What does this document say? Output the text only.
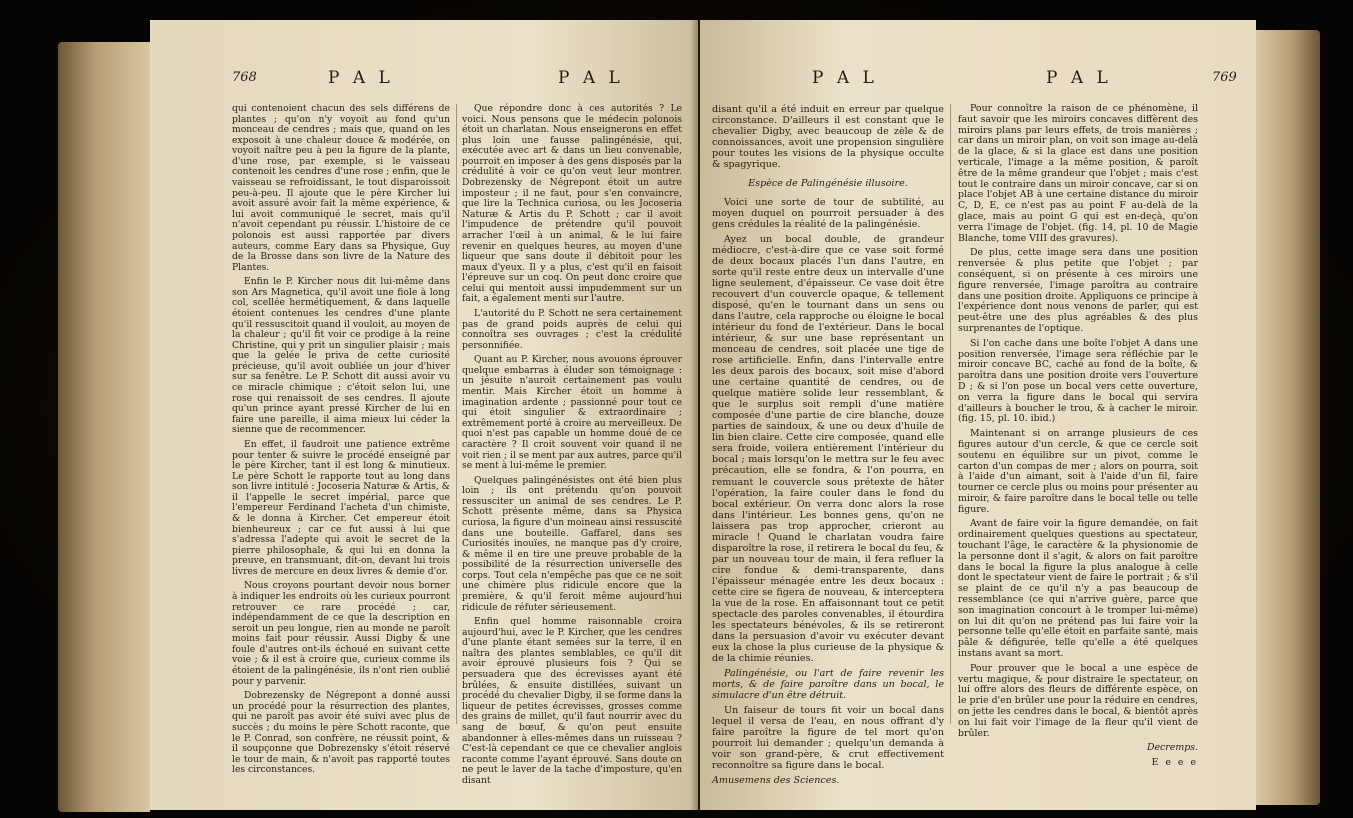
768	P A L	P A L

qui contenoient chacun des sels différens de plantes ; qu'on n'y voyoit au fond qu'un monceau de cendres ; mais que, quand on les exposoit à une chaleur douce & modérée, on voyoit naître peu à peu la figure de la plante, d'une rose, par exemple, si le vaisseau contenoit les cendres d'une rose ; enfin, que le vaisseau se refroidissant, le tout disparoissoit peu-à-peu. Il ajoute que le père Kircher lui avoit assuré avoir fait la même expérience, & lui avoit communiqué le secret, mais qu'il n'avoit cependant pu réussir. L'histoire de ce polonois est aussi rapportée par divers auteurs, comme Eary dans sa Physique, Guy de la Brosse dans son livre de la Nature des Plantes.

Enfin le P. Kircher nous dit lui-même dans son Ars Magnetica, qu'il avoit une fiole à long col, scellée hermétiquement, & dans laquelle étoient contenues les cendres d'une plante qu'il ressuscitoit quand il vouloit, au moyen de la chaleur ; qu'il fit voir ce prodige à la reine Christine, qui y prit un singulier plaisir ; mais que la gelée le priva de cette curiosité précieuse, qu'il avoit oubliée un jour d'hiver sur sa fenêtre. Le P. Schott dit aussi avoir vu ce miracle chimique ; c'étoit selon lui, une rose qui renaissoit de ses cendres. Il ajoute qu'un prince ayant pressé Kircher de lui en faire une pareille, il aima mieux lui céder la sienne que de recommencer.

En effet, il faudroit une patience extrême pour tenter & suivre le procédé enseigné par le père Kircher, tant il est long & minutieux. Le père Schott le rapporte tout au long dans son livre intitulé : Jocoseria Naturæ & Artis, & il l'appelle le secret impérial, parce que l'empereur Ferdinand l'acheta d'un chimiste, & le donna à Kircher. Cet empereur étoit bienheureux ; car ce fut aussi à lui que s'adressa l'adepte qui avoit le secret de la pierre philosophale, & qui lui en donna la preuve, en transmuant, dit-on, devant lui trois livres de mercure en deux livres & demie d'or.

Nous croyons pourtant devoir nous borner à indiquer les endroits où les curieux pourront retrouver ce rare procédé ; car, indépendamment de ce que la description en seroit un peu longue, rien au monde ne paroît moins fait pour réussir. Aussi Digby & une foule d'autres ont-ils échoué en suivant cette voie ; & il est à croire que, curieux comme ils étoient de la palingénésie, ils n'ont rien oublié pour y parvenir.

Dobrezensky de Négrepont a donné aussi un procédé pour la résurrection des plantes, qui ne paroît pas avoir été suivi avec plus de succès ; du moins le père Schott raconte, que le P. Conrad, son confrère, ne réussit point, & il soupçonne que Dobrezensky s'étoit réservé le tour de main, & n'avoit pas rapporté toutes les circonstances.

Que répondre donc à ces autorités ? Le voici. Nous pensons que le médecin polonois étoit un charlatan. Nous enseignerons en effet plus loin une fausse palingénésie, qui, exécutée avec art & dans un lieu convenable, pourroit en imposer à des gens disposés par la crédulité à voir ce qu'on veut leur montrer. Dobrezensky de Négrepont étoit un autre imposteur ; il ne faut, pour s'en convaincre, que lire la Technica curiosa, ou les Jocoseria Naturæ & Artis du P. Schott ; car il avoit l'impudence de prétendre qu'il pouvoit arracher l'œil à un animal, & le lui faire revenir en quelques heures, au moyen d'une liqueur que sans doute il débitoit pour les maux d'yeux. Il y a plus, c'est qu'il en faisoit l'épreuve sur un coq. On peut donc croire que celui qui mentoit aussi impudemment sur un fait, a également menti sur l'autre.

L'autorité du P. Schott ne sera certainement pas de grand poids auprès de celui qui connoîtra ses ouvrages ; c'est la crédulité personnifiée.

Quant au P. Kircher, nous avouons éprouver quelque embarras à éluder son témoignage : un jésuite n'auroit certainement pas voulu mentir. Mais Kircher étoit un homme à imagination ardente ; passionné pour tout ce qui étoit singulier & extraordinaire ; extrêmement porté à croire au merveilleux. De quoi n'est pas capable un homme doué de ce caractère ? Il croit souvent voir quand il ne voit rien ; il se ment par aux autres, parce qu'il se ment à lui-même le premier.

Quelques palingénésistes ont été bien plus loin ; ils ont prétendu qu'on pouvoit ressusciter un animal de ses cendres. Le P. Schott présente même, dans sa Physica curiosa, la figure d'un moineau ainsi ressuscité dans une bouteille. Gaffarel, dans ses Curiosités inouïes, ne manque pas d'y croire, & même il en tire une preuve probable de la possibilité de la résurrection universelle des corps. Tout cela n'empêche pas que ce ne soit une chimère plus ridicule encore que la première, & qu'il feroit même aujourd'hui ridicule de réfuter sérieusement.

Enfin quel homme raisonnable croira aujourd'hui, avec le P. Kircher, que les cendres d'une plante étant semées sur la terre, il en naîtra des plantes semblables, ce qu'il dit avoir éprouvé plusieurs fois ? Qui se persuadera que des écrevisses ayant été brûlées, & ensuite distillées, suivant un procédé du chevalier Digby, il se forme dans la liqueur de petites écrevisses, grosses comme des grains de millet, qu'il faut nourrir avec du sang de bœuf, & qu'on peut ensuite abandonner à elles-mêmes dans un ruisseau ? C'est-là cependant ce que ce chevalier anglois raconte comme l'ayant éprouvé. Sans doute on ne peut le laver de la tache d'imposture, qu'en disant

P A L	P A L	769

disant qu'il a été induit en erreur par quelque circonstance. D'ailleurs il est constant que le chevalier Digby, avec beaucoup de zèle & de connoissances, avoit une propension singulière pour toutes les visions de la physique occulte & spagyrique.

Espèce de Palingénésie illusoire.

Voici une sorte de tour de subtilité, au moyen duquel on pourroit persuader à des gens crédules la réalité de la palingénésie.

Ayez un bocal double, de grandeur médiocre, c'est-à-dire que ce vase soit formé de deux bocaux placés l'un dans l'autre, en sorte qu'il reste entre deux un intervalle d'une ligne seulement, d'épaisseur. Ce vase doit être recouvert d'un couvercle opaque, & tellement disposé, qu'en le tournant dans un sens ou dans l'autre, cela rapproche ou éloigne le bocal intérieur du fond de l'extérieur. Dans le bocal intérieur, & sur une base représentant un monceau de cendres, soit placée une tige de rose artificielle. Enfin, dans l'intervalle entre les deux parois des bocaux, soit mise d'abord une certaine quantité de cendres, ou de quelque matière solide leur ressemblant, & que le surplus soit rempli d'une matière composée d'une partie de cire blanche, douze parties de saindoux, & une ou deux d'huile de lin bien claire. Cette cire composée, quand elle sera froide, voilera entièrement l'intérieur du bocal ; mais lorsqu'on le mettra sur le feu avec précaution, elle se fondra, & l'on pourra, en remuant le couvercle sous prétexte de hâter l'opération, la faire couler dans le fond du bocal extérieur. On verra donc alors la rose dans l'intérieur. Les bonnes gens, qu'on ne laissera pas trop approcher, crieront au miracle ! Quand le charlatan voudra faire disparoître la rose, il retirera le bocal du feu, & par un nouveau tour de main, il fera refluer la cire fondue & demi-transparente, dans l'épaisseur ménagée entre les deux bocaux : cette cire se figera de nouveau, & interceptera la vue de la rose. En affaisonnant tout ce petit spectacle des paroles convenables, il étourdira les spectateurs bénévoles, & ils se retireront dans la persuasion d'avoir vu exécuter devant eux la chose la plus curieuse de la physique & de la chimie réunies.

Palingénésie, ou l'art de faire revenir les morts, & de faire paroître dans un bocal, le simulacre d'un être détruit.

Un faiseur de tours fit voir un bocal dans lequel il versa de l'eau, en nous offrant d'y faire paroître la figure de tel mort qu'on pourroit lui demander ; quelqu'un demanda à voir son grand-père, & crut effectivement reconnoître sa figure dans le bocal.

Amusemens des Sciences.

Pour connoître la raison de ce phénomène, il faut savoir que les miroirs concaves diffèrent des miroirs plans par leurs effets, de trois manières ; car dans un miroir plan, on voit son image au-delà de la glace, & si la glace est dans une position verticale, l'image a la même position, & paroît être de la même grandeur que l'objet ; mais c'est tout le contraire dans un miroir concave, car si on place l'objet AB à une certaine distance du miroir C, D, E, ce n'est pas au point F au-delà de la glace, mais au point G qui est en-deçà, qu'on verra l'image de l'objet. (fig. 14, pl. 10 de Magie Blanche, tome VIII des gravures).

De plus, cette image sera dans une position renversée & plus petite que l'objet ; par conséquent, si on présente à ces miroirs une figure renversée, l'image paroîtra au contraire dans une position droite. Appliquons ce principe à l'expérience dont nous venons de parler, qui est peut-être une des plus agréables & des plus surprenantes de l'optique.

Si l'on cache dans une boîte l'objet A dans une position renversée, l'image sera réfléchie par le miroir concave BC, caché au fond de la boîte, & paroîtra dans une position droite vers l'ouverture D ; & si l'on pose un bocal vers cette ouverture, on verra la figure dans le bocal qui servira d'ailleurs à boucher le trou, & à cacher le miroir. (fig. 15, pl. 10. ibid.)

Maintenant si on arrange plusieurs de ces figures autour d'un cercle, & que ce cercle soit soutenu en équilibre sur un pivot, comme le carton d'un compas de mer ; alors on pourra, soit à l'aide d'un aimant, soit à l'aide d'un fil, faire tourner ce cercle plus ou moins pour présenter au miroir, & faire paroître dans le bocal telle ou telle figure.

Avant de faire voir la figure demandée, on fait ordinairement quelques questions au spectateur, touchant l'âge, le caractère & la physionomie de la personne dont il s'agit, & alors on fait paroître dans le bocal la figure la plus analogue à celle dont le spectateur vient de faire le portrait ; & s'il se plaint de ce qu'il n'y a pas beaucoup de ressemblance (ce qui n'arrive guère, parce que son imagination concourt à le tromper lui-même) on lui dit qu'on ne prétend pas lui faire voir la personne telle qu'elle étoit en parfaite santé, mais pâle & défigurée, telle qu'elle a été quelques instans avant sa mort.

Pour prouver que le bocal a une espèce de vertu magique, & pour distraire le spectateur, on lui offre alors des fleurs de différente espèce, on le prie d'en brûler une pour la réduire en cendres, on jette les cendres dans le bocal, & bientôt après on lui fait voir l'image de la fleur qu'il vient de brûler.

Decremps.

E e e e
